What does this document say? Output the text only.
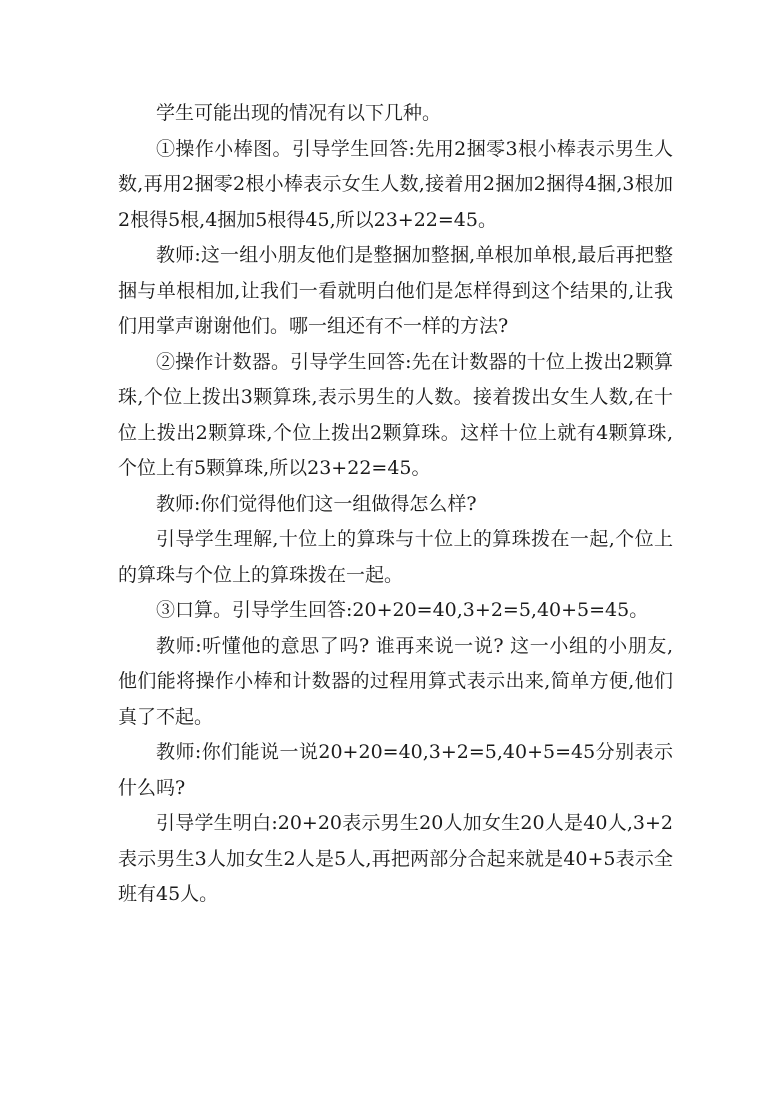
学生可能出现的情况有以下几种。

①操作小棒图。引导学生回答:先用2捆零3根小棒表示男生人数,再用2捆零2根小棒表示女生人数,接着用2捆加2捆得4捆,3根加2根得5根,4捆加5根得45,所以23+22=45。

教师:这一组小朋友他们是整捆加整捆,单根加单根,最后再把整捆与单根相加,让我们一看就明白他们是怎样得到这个结果的,让我们用掌声谢谢他们。哪一组还有不一样的方法?

②操作计数器。引导学生回答:先在计数器的十位上拨出2颗算珠,个位上拨出3颗算珠,表示男生的人数。接着拨出女生人数,在十位上拨出2颗算珠,个位上拨出2颗算珠。这样十位上就有4颗算珠,个位上有5颗算珠,所以23+22=45。

教师:你们觉得他们这一组做得怎么样?

引导学生理解,十位上的算珠与十位上的算珠拨在一起,个位上的算珠与个位上的算珠拨在一起。

③口算。引导学生回答:20+20=40,3+2=5,40+5=45。

教师:听懂他的意思了吗? 谁再来说一说? 这一小组的小朋友,他们能将操作小棒和计数器的过程用算式表示出来,简单方便,他们真了不起。

教师:你们能说一说20+20=40,3+2=5,40+5=45分别表示什么吗?

引导学生明白:20+20表示男生20人加女生20人是40人,3+2表示男生3人加女生2人是5人,再把两部分合起来就是40+5表示全班有45人。
